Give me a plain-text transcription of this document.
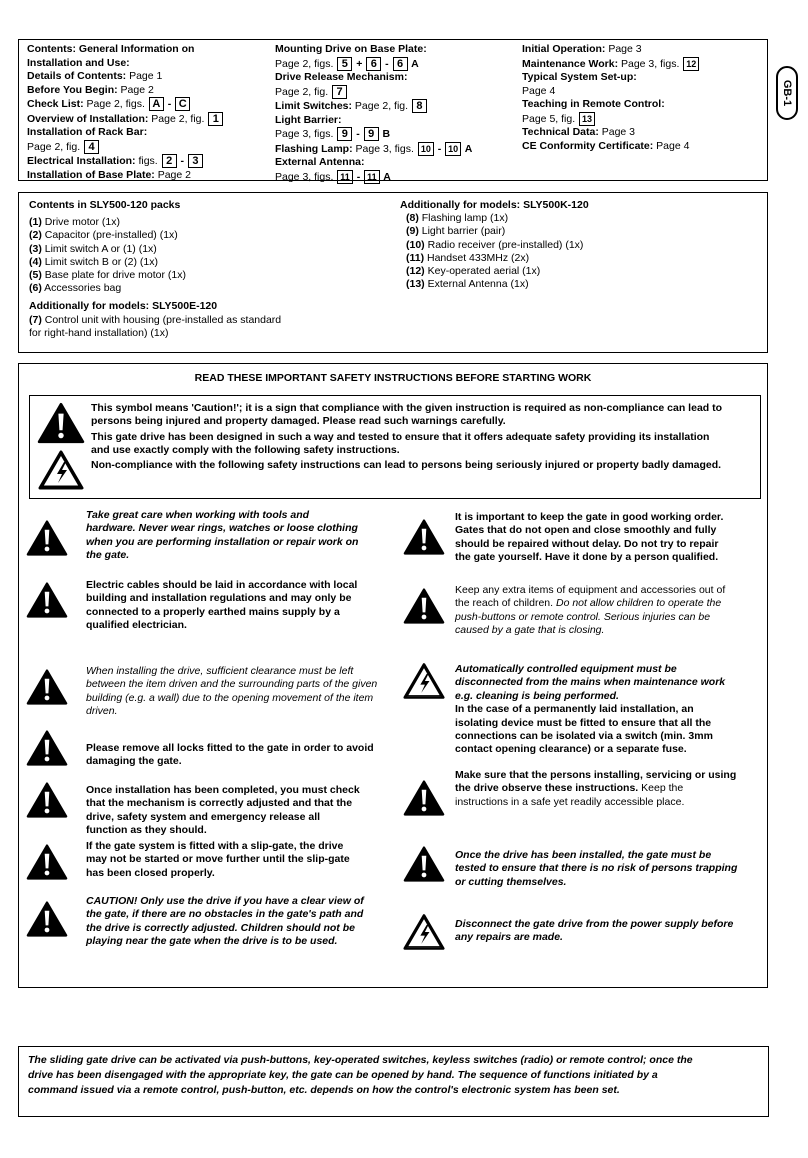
Contents: General Information on
Installation and Use:
Details of Contents: Page 1
Before You Begin: Page 2
Check List: Page 2, figs. A - C
Overview of Installation: Page 2, fig. 1
Installation of Rack Bar:
Page 2, fig. 4
Electrical Installation: figs. 2 - 3
Installation of Base Plate: Page 2
Mounting Drive on Base Plate:
Page 2, figs. 5 + 6 - 6 A
Drive Release Mechanism:
Page 2, fig. 7
Limit Switches: Page 2, fig. 8
Light Barrier:
Page 3, figs. 9 - 9 B
Flashing Lamp: Page 3, figs. 10 - 10 A
External Antenna:
Page 3, figs. 11 - 11 A
Initial Operation: Page 3
Maintenance Work: Page 3, figs. 12
Typical System Set-up:
Page 4
Teaching in Remote Control:
Page 5, fig. 13
Technical Data: Page 3
CE Conformity Certificate: Page 4
GB-1
Contents in SLY500-120 packs
(1) Drive motor (1x)
(2) Capacitor (pre-installed) (1x)
(3) Limit switch A or (1) (1x)
(4) Limit switch B or (2) (1x)
(5) Base plate for drive motor (1x)
(6) Accessories bag
Additionally for models: SLY500E-120
(7) Control unit with housing (pre-installed as standard
for right-hand installation) (1x)
Additionally for models: SLY500K-120
(8) Flashing lamp (1x)
(9) Light barrier (pair)
(10) Radio receiver (pre-installed) (1x)
(11) Handset 433MHz (2x)
(12) Key-operated aerial (1x)
(13) External Antenna (1x)
READ THESE IMPORTANT SAFETY INSTRUCTIONS BEFORE STARTING WORK
This symbol means 'Caution!'; it is a sign that compliance with the given instruction is required as non-compliance can lead to
persons being injured and property damaged. Please read such warnings carefully.
This gate drive has been designed in such a way and tested to ensure that it offers adequate safety providing its installation
and use exactly comply with the following safety instructions.
Non-compliance with the following safety instructions can lead to persons being seriously injured or property badly damaged.
Take great care when working with tools and
hardware. Never wear rings, watches or loose clothing
when you are performing installation or repair work on
the gate.
Electric cables should be laid in accordance with local
building and installation regulations and may only be
connected to a properly earthed mains supply by a
qualified electrician.
When installing the drive, sufficient clearance must be left
between the item driven and the surrounding parts of the given
building (e.g. a wall) due to the opening movement of the item
driven.
Please remove all locks fitted to the gate in order to avoid
damaging the gate.
Once installation has been completed, you must check
that the mechanism is correctly adjusted and that the
drive, safety system and emergency release all
function as they should.
If the gate system is fitted with a slip-gate, the drive
may not be started or move further until the slip-gate
has been closed properly.
CAUTION! Only use the drive if you have a clear view of
the gate, if there are no obstacles in the gate's path and
the drive is correctly adjusted. Children should not be
playing near the gate when the drive is to be used.
It is important to keep the gate in good working order.
Gates that do not open and close smoothly and fully
should be repaired without delay. Do not try to repair
the gate yourself. Have it done by a person qualified.
Keep any extra items of equipment and accessories out of
the reach of children. Do not allow children to operate the
push-buttons or remote control. Serious injuries can be
caused by a gate that is closing.
Automatically controlled equipment must be
disconnected from the mains when maintenance work
e.g. cleaning is being performed.
In the case of a permanently laid installation, an
isolating device must be fitted to ensure that all the
connections can be isolated via a switch (min. 3mm
contact opening clearance) or a separate fuse.
Make sure that the persons installing, servicing or using
the drive observe these instructions. Keep the
instructions in a safe yet readily accessible place.
Once the drive has been installed, the gate must be
tested to ensure that there is no risk of persons trapping
or cutting themselves.
Disconnect the gate drive from the power supply before
any repairs are made.
The sliding gate drive can be activated via push-buttons, key-operated switches, keyless switches (radio) or remote control; once the
drive has been disengaged with the appropriate key, the gate can be opened by hand. The sequence of functions initiated by a
command issued via a remote control, push-button, etc. depends on how the control's electronic system has been set.
